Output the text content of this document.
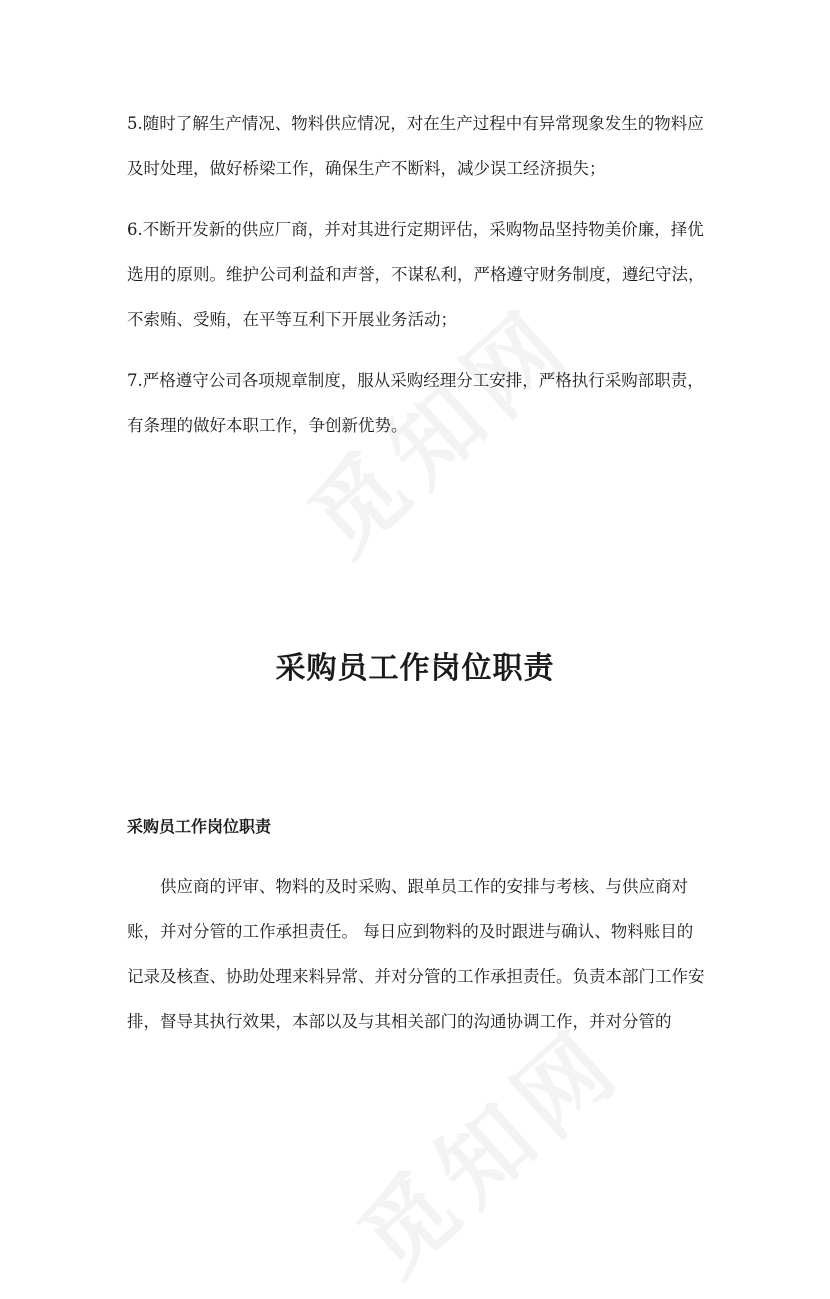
5.随时了解生产情况、物料供应情况，对在生产过程中有异常现象发生的物料应及时处理，做好桥梁工作，确保生产不断料，减少误工经济损失；

6.不断开发新的供应厂商，并对其进行定期评估，采购物品坚持物美价廉，择优选用的原则。维护公司利益和声誉，不谋私利，严格遵守财务制度，遵纪守法，不索贿、受贿，在平等互利下开展业务活动；

7.严格遵守公司各项规章制度，服从采购经理分工安排，严格执行采购部职责，有条理的做好本职工作，争创新优势。

采购员工作岗位职责
采购员工作岗位职责

供应商的评审、物料的及时采购、跟单员工作的安排与考核、与供应商对账，并对分管的工作承担责任。 每日应到物料的及时跟进与确认、物料账目的记录及核查、协助处理来料异常、并对分管的工作承担责任。负责本部门工作安排，督导其执行效果，本部以及与其相关部门的沟通协调工作，并对分管的
